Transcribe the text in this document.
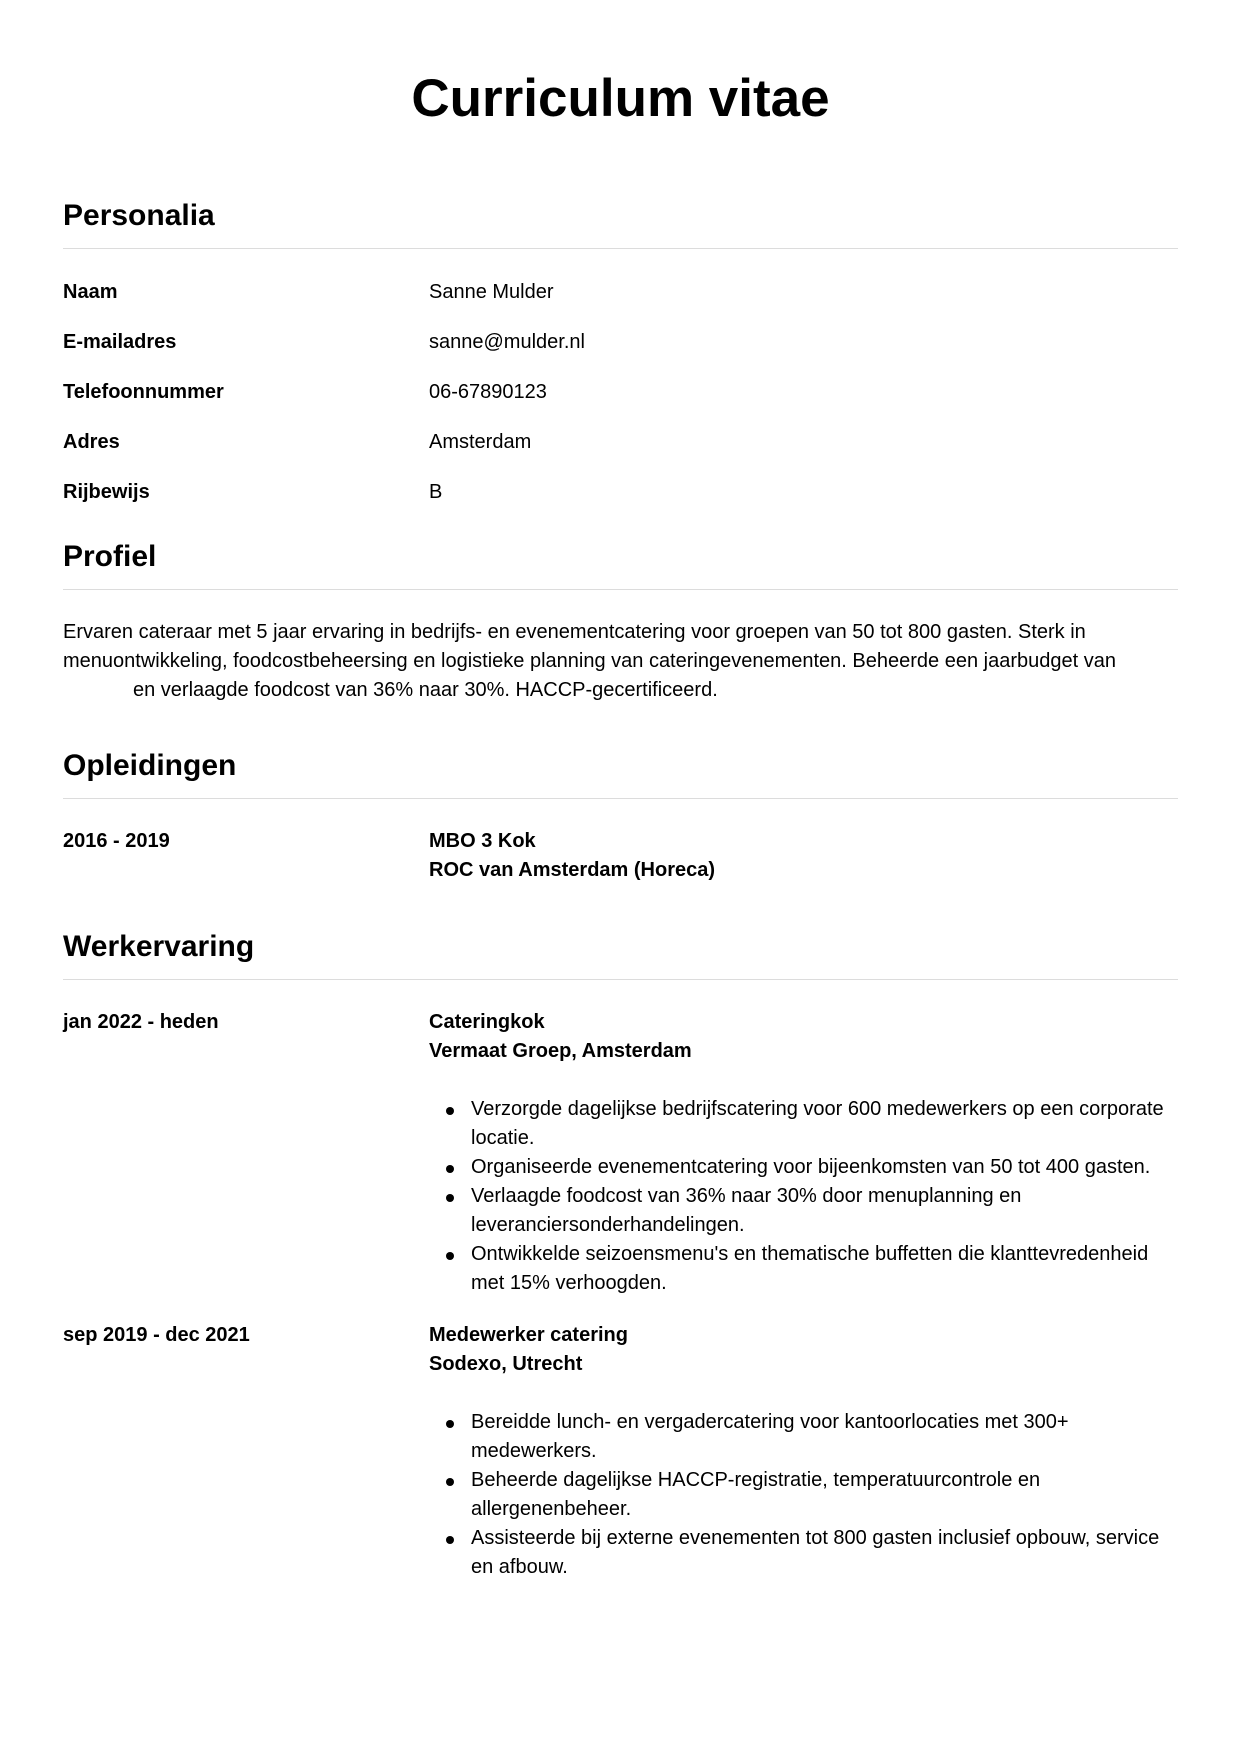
Curriculum vitae
Personalia
Naam	Sanne Mulder
E-mailadres	sanne@mulder.nl
Telefoonnummer	06-67890123
Adres	Amsterdam
Rijbewijs	B
Profiel

Ervaren cateraar met 5 jaar ervaring in bedrijfs- en evenementcatering voor groepen van 50 tot 800 gasten. Sterk in
menuontwikkeling, foodcostbeheersing en logistieke planning van cateringevenementen. Beheerde een jaarbudget van
en verlaagde foodcost van 36% naar 30%. HACCP-gecertificeerd.

Opleidingen
2016 - 2019	MBO 3 Kok
ROC van Amsterdam (Horeca)
Werkervaring
jan 2022 - heden	Cateringkok
Vermaat Groep, Amsterdam
Verzorgde dagelijkse bedrijfscatering voor 600 medewerkers op een corporate locatie.
Organiseerde evenementcatering voor bijeenkomsten van 50 tot 400 gasten.
Verlaagde foodcost van 36% naar 30% door menuplanning en leveranciersonderhandelingen.
Ontwikkelde seizoensmenu's en thematische buffetten die klanttevredenheid met 15% verhoogden.
sep 2019 - dec 2021	Medewerker catering
Sodexo, Utrecht
Bereidde lunch- en vergadercatering voor kantoorlocaties met 300+ medewerkers.
Beheerde dagelijkse HACCP-registratie, temperatuurcontrole en allergenenbeheer.
Assisteerde bij externe evenementen tot 800 gasten inclusief opbouw, service en afbouw.
